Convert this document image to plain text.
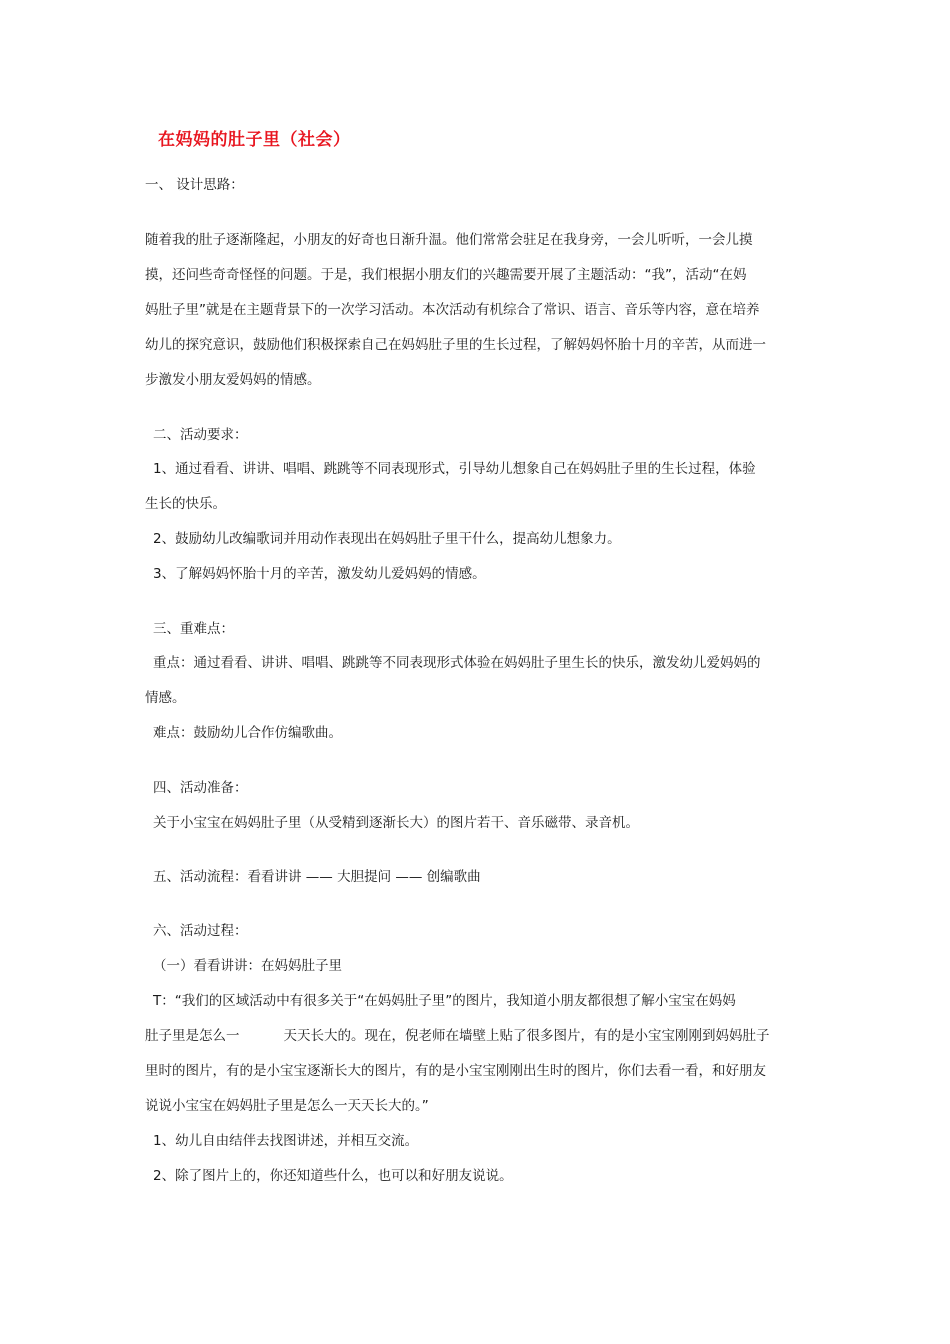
在妈妈的肚子里（社会）
一、 设计思路：
随着我的肚子逐渐隆起，小朋友的好奇也日渐升温。他们常常会驻足在我身旁，一会儿听听，一会儿摸
摸，还问些奇奇怪怪的问题。于是，我们根据小朋友们的兴趣需要开展了主题活动：“我”，活动“在妈
妈肚子里”就是在主题背景下的一次学习活动。本次活动有机综合了常识、语言、音乐等内容，意在培养
幼儿的探究意识，鼓励他们积极探索自己在妈妈肚子里的生长过程，了解妈妈怀胎十月的辛苦，从而进一
步激发小朋友爱妈妈的情感。
二、活动要求：
1、通过看看、讲讲、唱唱、跳跳等不同表现形式，引导幼儿想象自己在妈妈肚子里的生长过程，体验
生长的快乐。
2、鼓励幼儿改编歌词并用动作表现出在妈妈肚子里干什么，提高幼儿想象力。
3、了解妈妈怀胎十月的辛苦，激发幼儿爱妈妈的情感。
三、重难点：
重点：通过看看、讲讲、唱唱、跳跳等不同表现形式体验在妈妈肚子里生长的快乐，激发幼儿爱妈妈的
情感。
难点：鼓励幼儿合作仿编歌曲。
四、活动准备：
关于小宝宝在妈妈肚子里（从受精到逐渐长大）的图片若干、音乐磁带、录音机。
五、活动流程：看看讲讲 —— 大胆提问 —— 创编歌曲
六、活动过程：
（一）看看讲讲：在妈妈肚子里
T：“我们的区域活动中有很多关于“在妈妈肚子里”的图片，我知道小朋友都很想了解小宝宝在妈妈
肚子里是怎么一	天天长大的。现在，倪老师在墙壁上贴了很多图片，有的是小宝宝刚刚到妈妈肚子
里时的图片，有的是小宝宝逐渐长大的图片，有的是小宝宝刚刚出生时的图片，你们去看一看，和好朋友
说说小宝宝在妈妈肚子里是怎么一天天长大的。”
1、幼儿自由结伴去找图讲述，并相互交流。
2、除了图片上的，你还知道些什么，也可以和好朋友说说。
